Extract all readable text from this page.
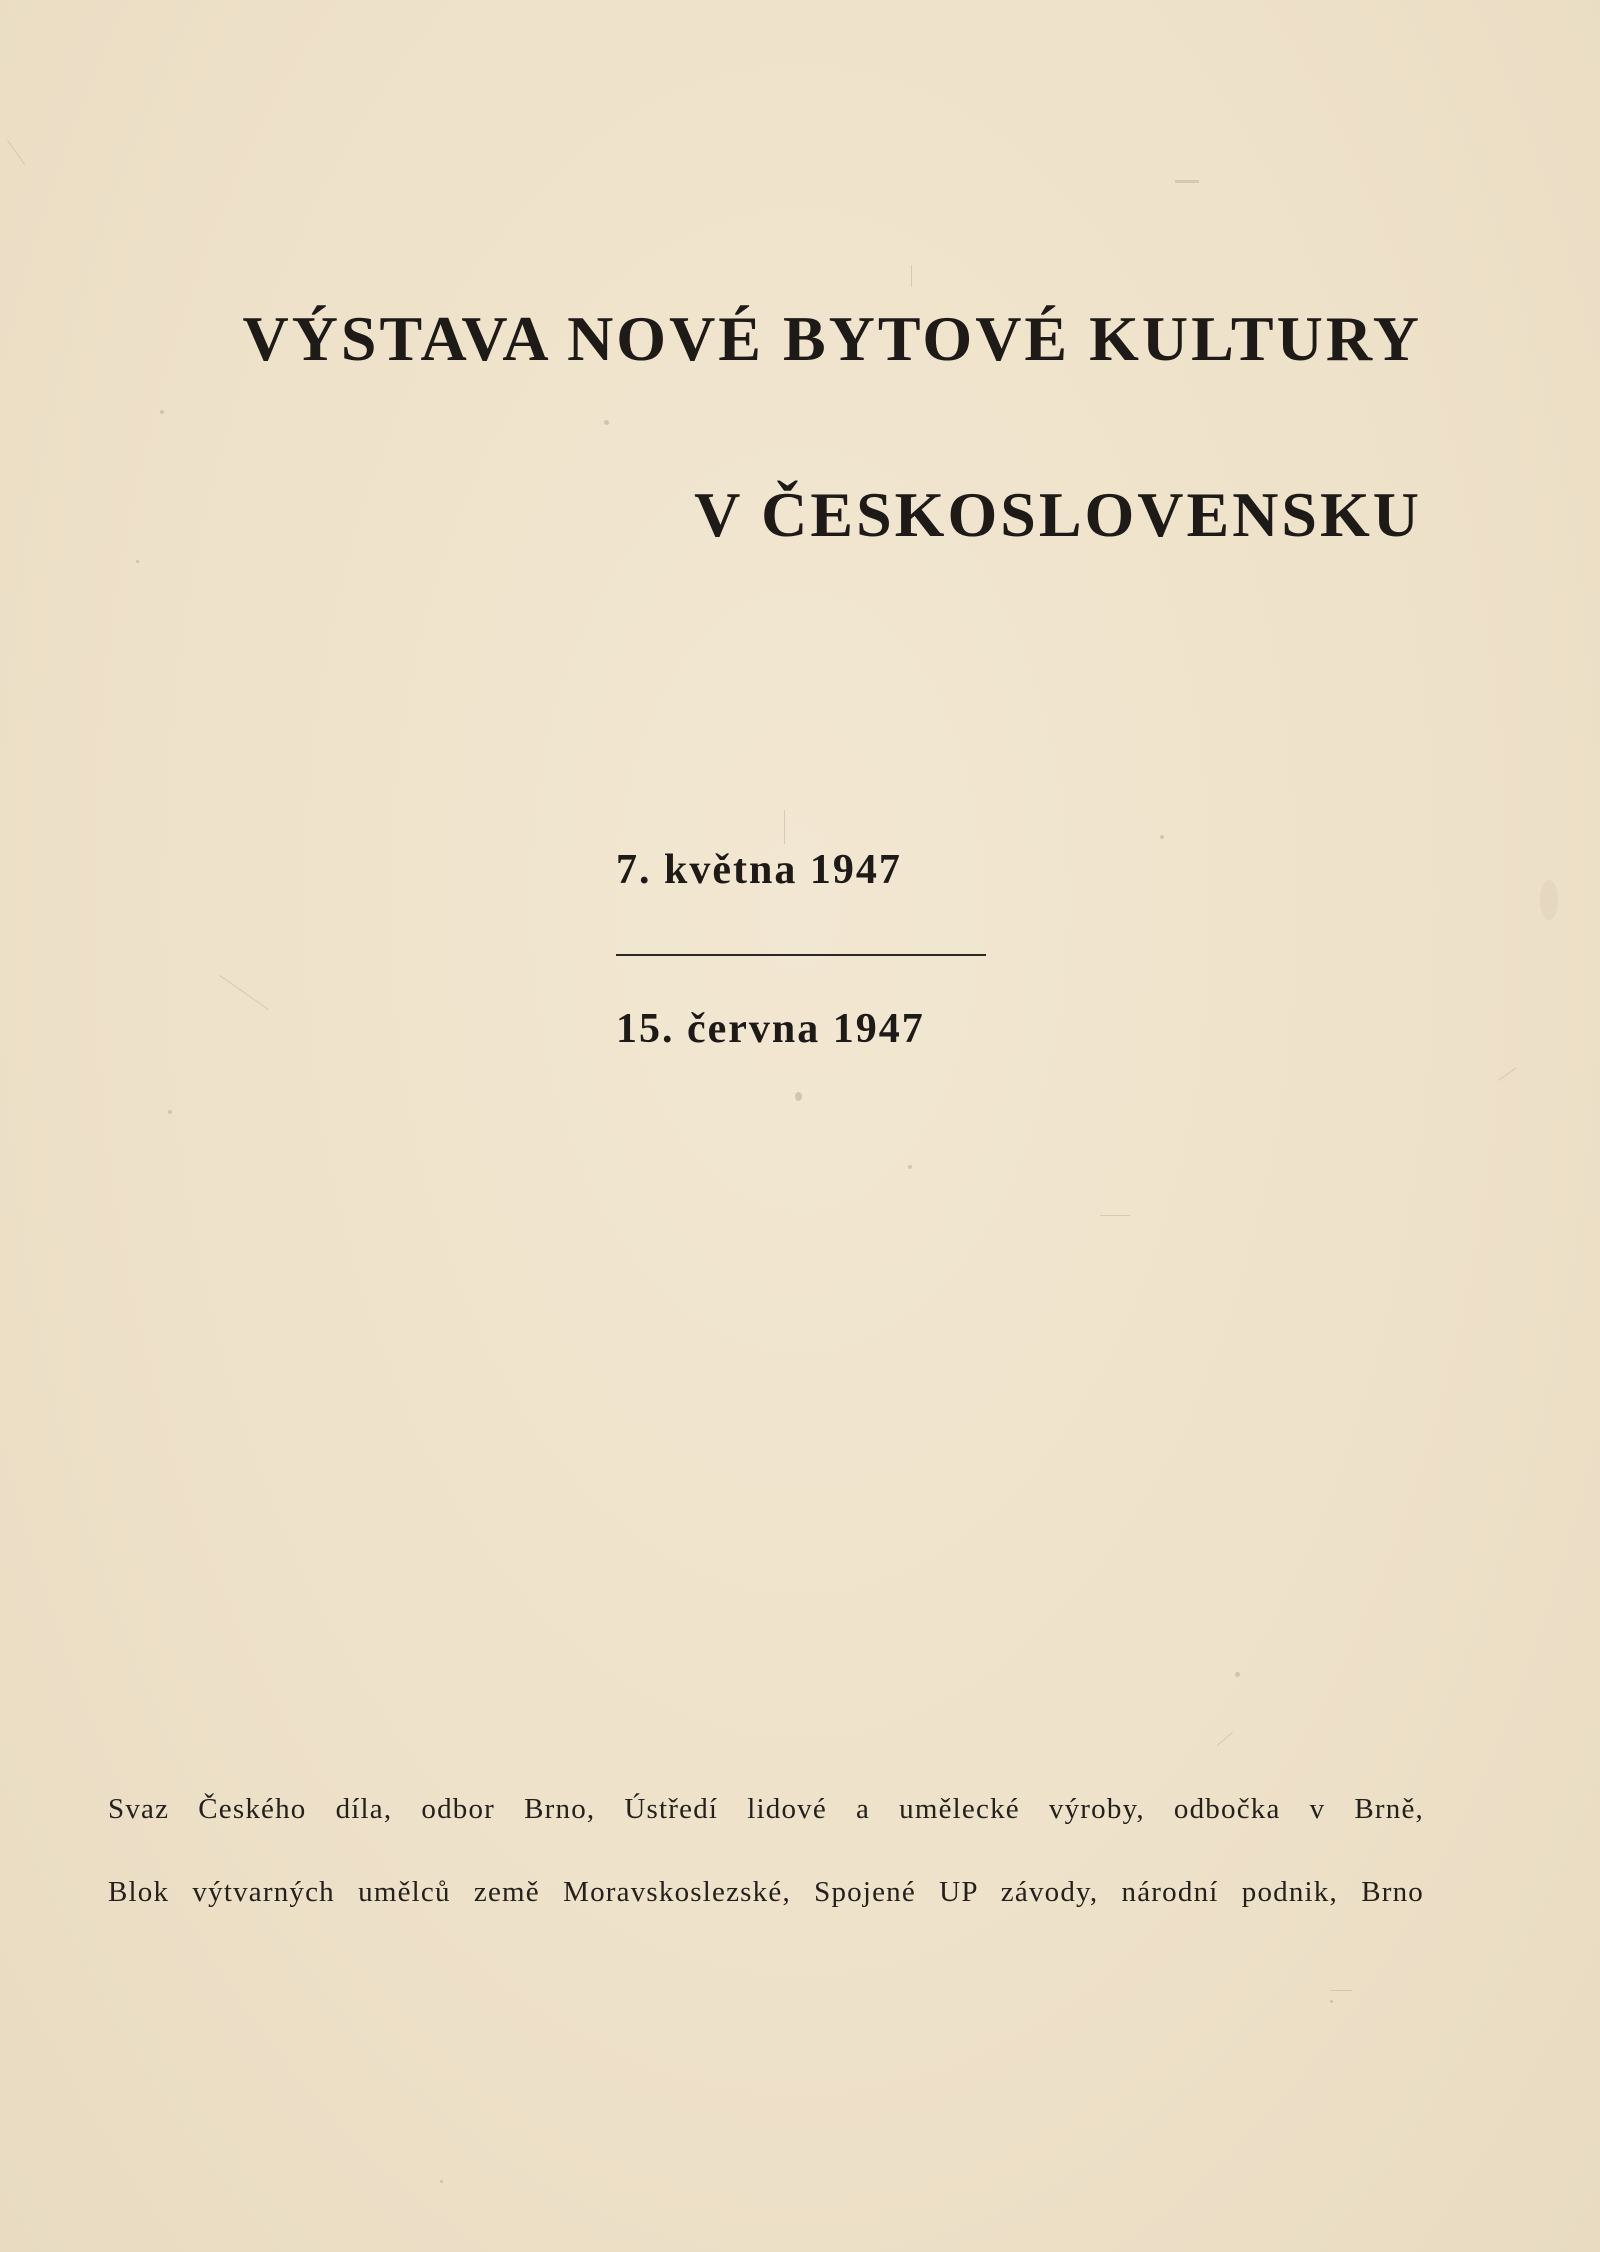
VÝSTAVA NOVÉ BYTOVÉ KULTURY
V ČESKOSLOVENSKU
7. května 1947
15. června 1947
Svaz Českého díla, odbor Brno, Ústředí lidové a umělecké výroby, odbočka v Brně,
Blok výtvarných umělců země Moravskoslezské, Spojené UP závody, národní podnik, Brno
